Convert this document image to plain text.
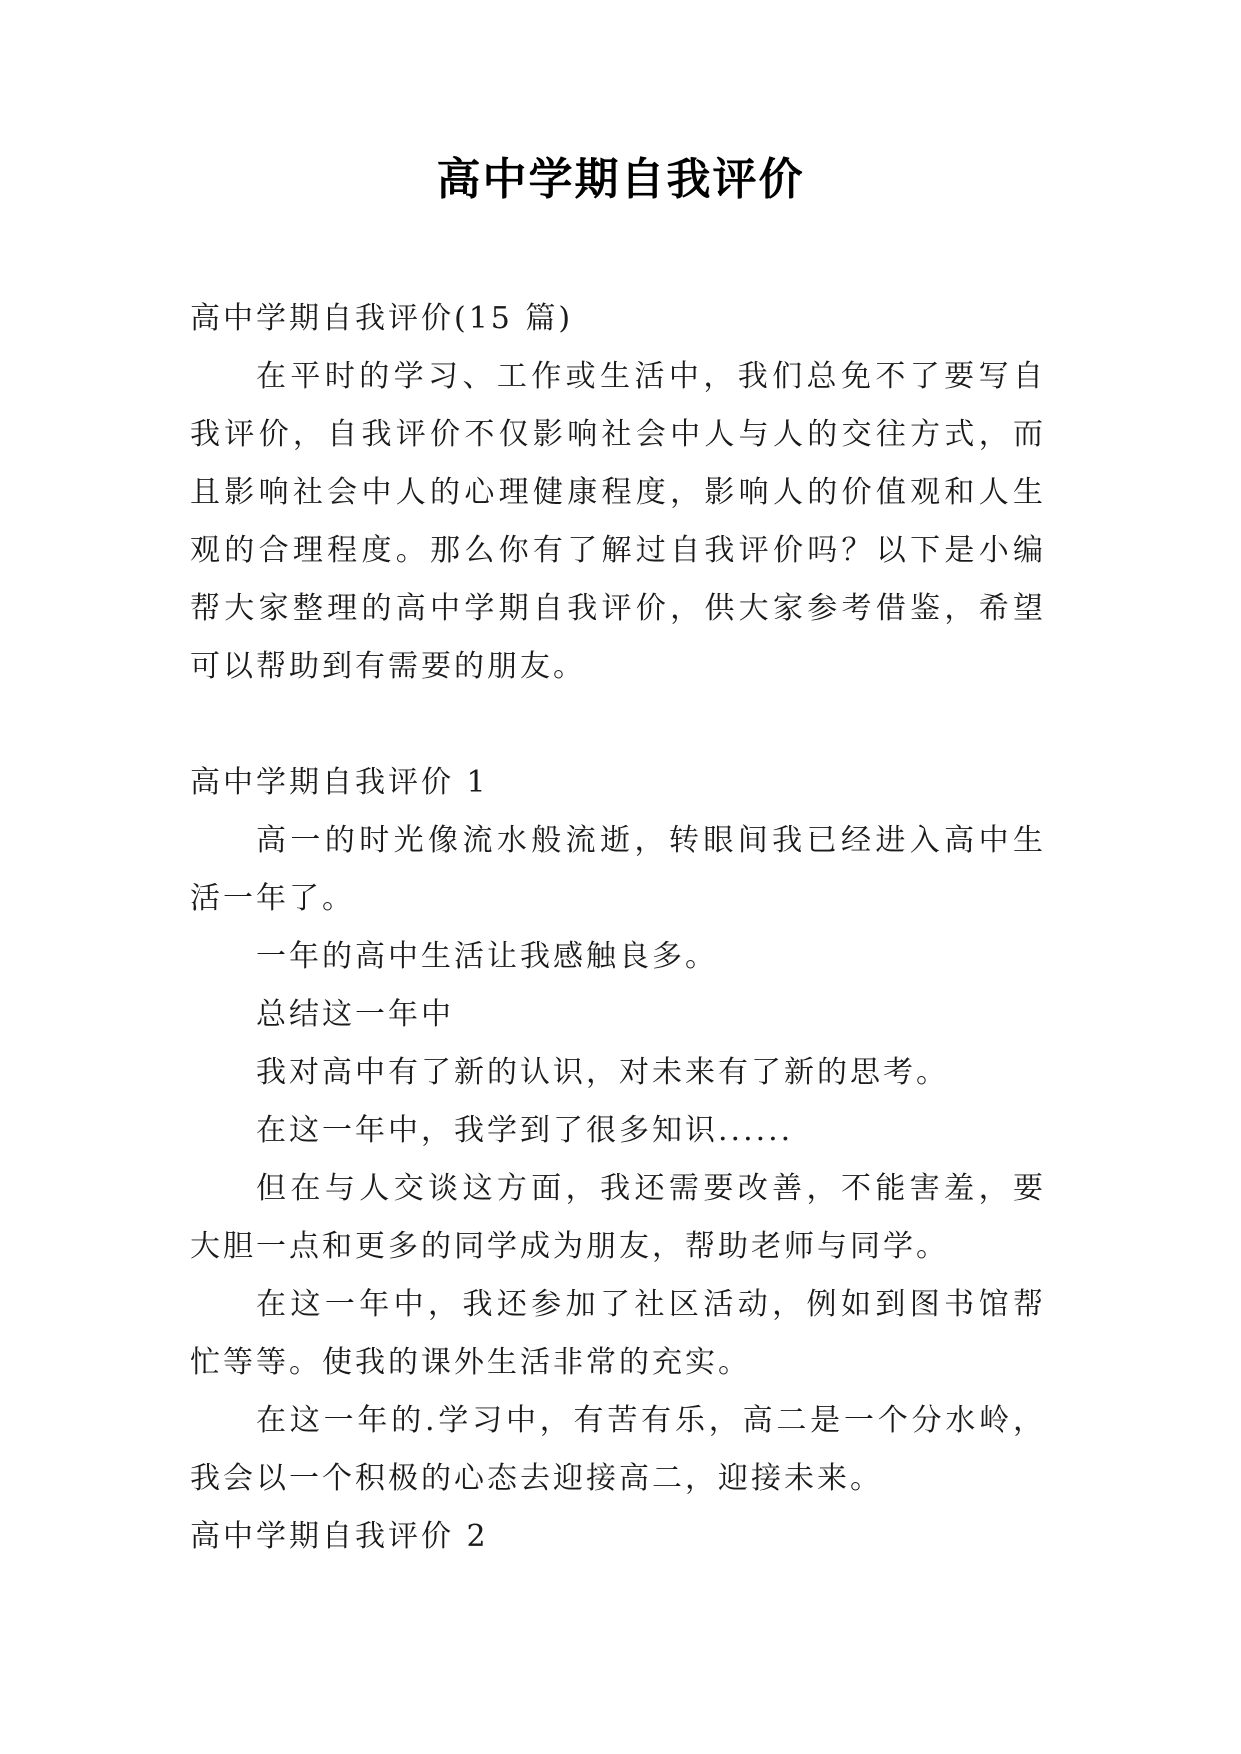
高中学期自我评价

高中学期自我评价(15 篇)

在平时的学习、工作或生活中，我们总免不了要写自我评价，自我评价不仅影响社会中人与人的交往方式，而且影响社会中人的心理健康程度，影响人的价值观和人生观的合理程度。那么你有了解过自我评价吗？以下是小编帮大家整理的高中学期自我评价，供大家参考借鉴，希望可以帮助到有需要的朋友。

高中学期自我评价 1

高一的时光像流水般流逝，转眼间我已经进入高中生活一年了。

一年的高中生活让我感触良多。

总结这一年中

我对高中有了新的认识，对未来有了新的思考。

在这一年中，我学到了很多知识......

但在与人交谈这方面，我还需要改善，不能害羞，要大胆一点和更多的同学成为朋友，帮助老师与同学。

在这一年中，我还参加了社区活动，例如到图书馆帮忙等等。使我的课外生活非常的充实。

在这一年的.学习中，有苦有乐，高二是一个分水岭，我会以一个积极的心态去迎接高二，迎接未来。

高中学期自我评价 2
